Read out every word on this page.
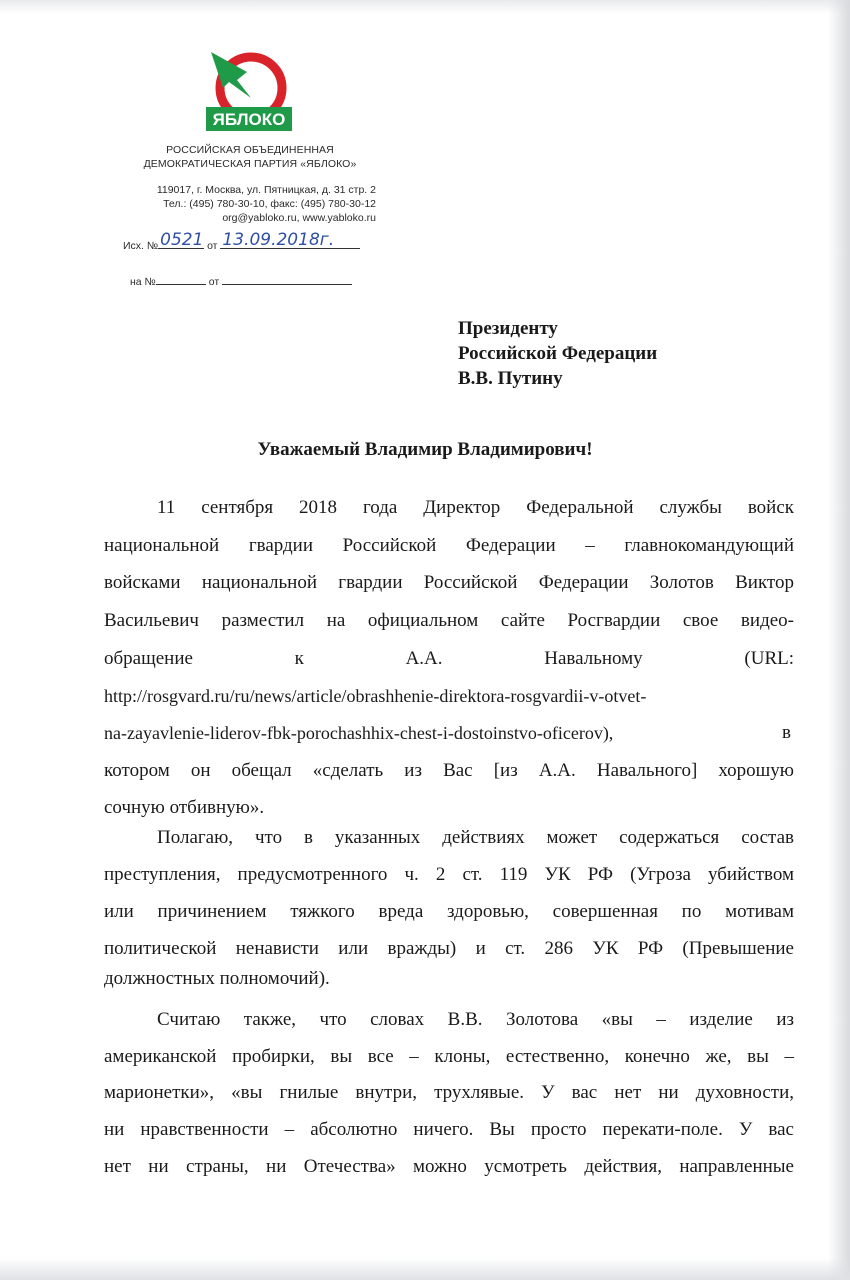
ЯБЛОКО
РОССИЙСКАЯ ОБЪЕДИНЕННАЯ
ДЕМОКРАТИЧЕСКАЯ ПАРТИЯ «ЯБЛОКО»
119017, г. Москва, ул. Пятницкая, д. 31 стр. 2
Тел.: (495) 780-30-10, факс: (495) 780-30-12
org@yabloko.ru, www.yabloko.ru
Исх. № 0521 от 13.09.2018г.
на №	от
Президенту
Российской Федерации
В.В. Путину
Уважаемый Владимир Владимирович!
11 сентября 2018 года Директор Федеральной службы войск
национальной гвардии Российской Федерации – главнокомандующий
войсками национальной гвардии Российской Федерации Золотов Виктор
Васильевич разместил на официальном сайте Росгвардии свое видео-
обращение	к	А.А.	Навальному	(URL:
http://rosgvard.ru/ru/news/article/obrashhenie-direktora-rosgvardii-v-otvet-
na-zayavlenie-liderov-fbk-porochashhix-chest-i-dostoinstvo-oficerov),	в
котором он обещал «сделать из Вас [из А.А. Навального] хорошую
сочную отбивную».
Полагаю, что в указанных действиях может содержаться состав
преступления, предусмотренного ч. 2 ст. 119 УК РФ (Угроза убийством
или причинением тяжкого вреда здоровью, совершенная по мотивам
политической ненависти или вражды) и ст. 286 УК РФ (Превышение
должностных полномочий).
Считаю также, что словах В.В. Золотова «вы – изделие из
американской пробирки, вы все – клоны, естественно, конечно же, вы –
марионетки», «вы гнилые внутри, трухлявые. У вас нет ни духовности,
ни нравственности – абсолютно ничего. Вы просто перекати-поле. У вас
нет ни страны, ни Отечества» можно усмотреть действия, направленные
